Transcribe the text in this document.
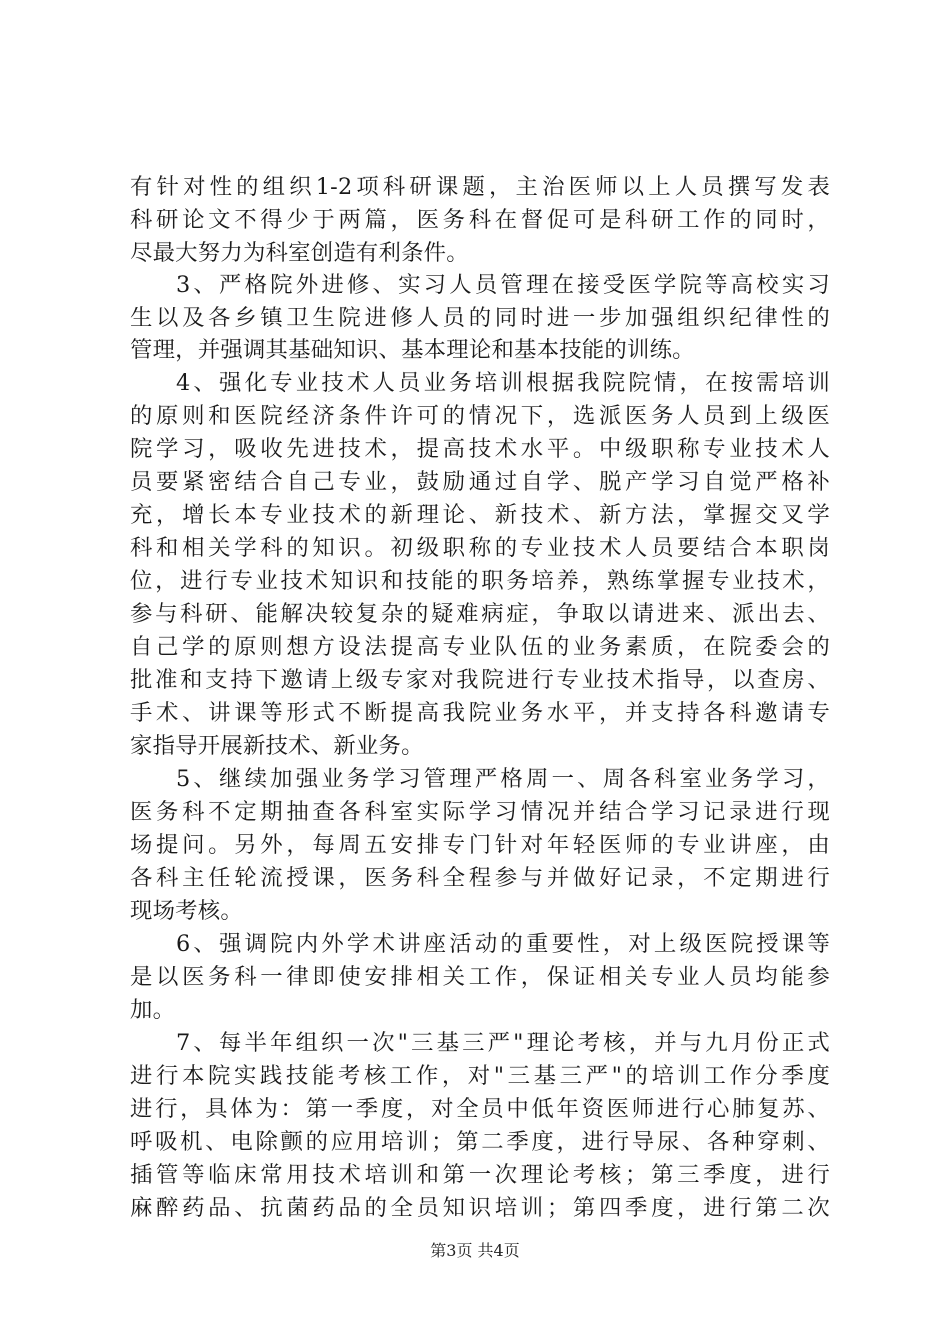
有针对性的组织1-2项科研课题，主治医师以上人员撰写发表
科研论文不得少于两篇，医务科在督促可是科研工作的同时，
尽最大努力为科室创造有利条件。
3、严格院外进修、实习人员管理在接受医学院等高校实习
生以及各乡镇卫生院进修人员的同时进一步加强组织纪律性的
管理，并强调其基础知识、基本理论和基本技能的训练。
4、强化专业技术人员业务培训根据我院院情，在按需培训
的原则和医院经济条件许可的情况下，选派医务人员到上级医
院学习，吸收先进技术，提高技术水平。中级职称专业技术人
员要紧密结合自己专业，鼓励通过自学、脱产学习自觉严格补
充，增长本专业技术的新理论、新技术、新方法，掌握交叉学
科和相关学科的知识。初级职称的专业技术人员要结合本职岗
位，进行专业技术知识和技能的职务培养，熟练掌握专业技术，
参与科研、能解决较复杂的疑难病症，争取以请进来、派出去、
自己学的原则想方设法提高专业队伍的业务素质，在院委会的
批准和支持下邀请上级专家对我院进行专业技术指导，以查房、
手术、讲课等形式不断提高我院业务水平，并支持各科邀请专
家指导开展新技术、新业务。
5、继续加强业务学习管理严格周一、周各科室业务学习，
医务科不定期抽查各科室实际学习情况并结合学习记录进行现
场提问。另外，每周五安排专门针对年轻医师的专业讲座，由
各科主任轮流授课，医务科全程参与并做好记录，不定期进行
现场考核。
6、强调院内外学术讲座活动的重要性，对上级医院授课等
是以医务科一律即使安排相关工作，保证相关专业人员均能参
加。
7、每半年组织一次"三基三严"理论考核，并与九月份正式
进行本院实践技能考核工作，对"三基三严"的培训工作分季度
进行，具体为：第一季度，对全员中低年资医师进行心肺复苏、
呼吸机、电除颤的应用培训；第二季度，进行导尿、各种穿刺、
插管等临床常用技术培训和第一次理论考核；第三季度，进行
麻醉药品、抗菌药品的全员知识培训；第四季度，进行第二次
第3页 共4页
